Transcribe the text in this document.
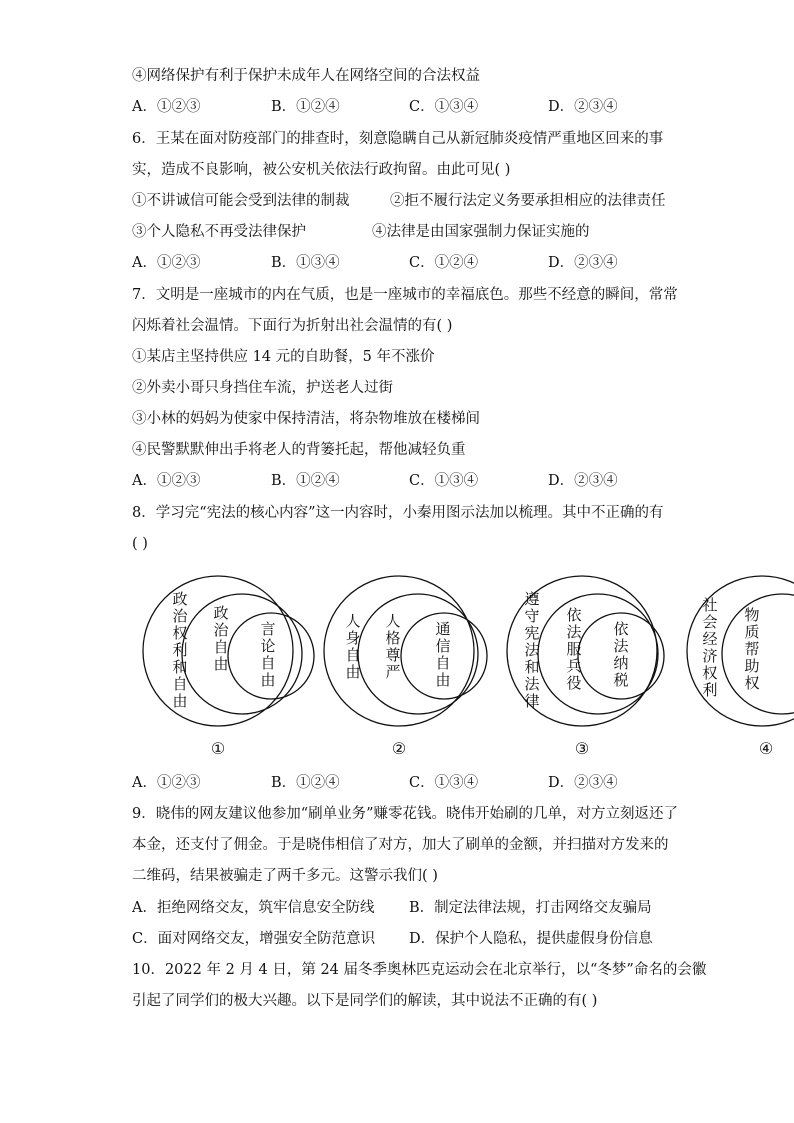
④网络保护有利于保护未成年人在网络空间的合法权益
A．①②③	B．①②④	C．①③④	D．②③④
6．王某在面对防疫部门的排查时，刻意隐瞒自己从新冠肺炎疫情严重地区回来的事
实，造成不良影响，被公安机关依法行政拘留。由此可见( )
①不讲诚信可能会受到法律的制裁	②拒不履行法定义务要承担相应的法律责任
③个人隐私不再受法律保护	④法律是由国家强制力保证实施的
A．①②③	B．①③④	C．①②④	D．②③④
7．文明是一座城市的内在气质，也是一座城市的幸福底色。那些不经意的瞬间，常常
闪烁着社会温情。下面行为折射出社会温情的有( )
①某店主坚持供应 14 元的自助餐，5 年不涨价
②外卖小哥只身挡住车流，护送老人过街
③小林的妈妈为使家中保持清洁，将杂物堆放在楼梯间
④民警默默伸出手将老人的背篓托起，帮他减轻负重
A．①②③	B．①②④	C．①③④	D．②③④
8．学习完“宪法的核心内容”这一内容时，小秦用图示法加以梳理。其中不正确的有
( )
政治权利和自由
政治自由
言论自由
①
人身自由
人格尊严
通信自由
②
遵守宪法和法律
依法服兵役
依法纳税
③
社会经济权利
物质帮助权
④
A．①②③	B．①②④	C．①③④	D．②③④
9．晓伟的网友建议他参加“刷单业务”赚零花钱。晓伟开始刷的几单，对方立刻返还了
本金，还支付了佣金。于是晓伟相信了对方，加大了刷单的金额，并扫描对方发来的
二维码，结果被骗走了两千多元。这警示我们( )
A．拒绝网络交友，筑牢信息安全防线 B．制定法律法规，打击网络交友骗局
C．面对网络交友，增强安全防范意识 D．保护个人隐私，提供虚假身份信息
10．2022 年 2 月 4 日，第 24 届冬季奥林匹克运动会在北京举行，以“冬梦”命名的会徽
引起了同学们的极大兴趣。以下是同学们的解读，其中说法不正确的有( )
